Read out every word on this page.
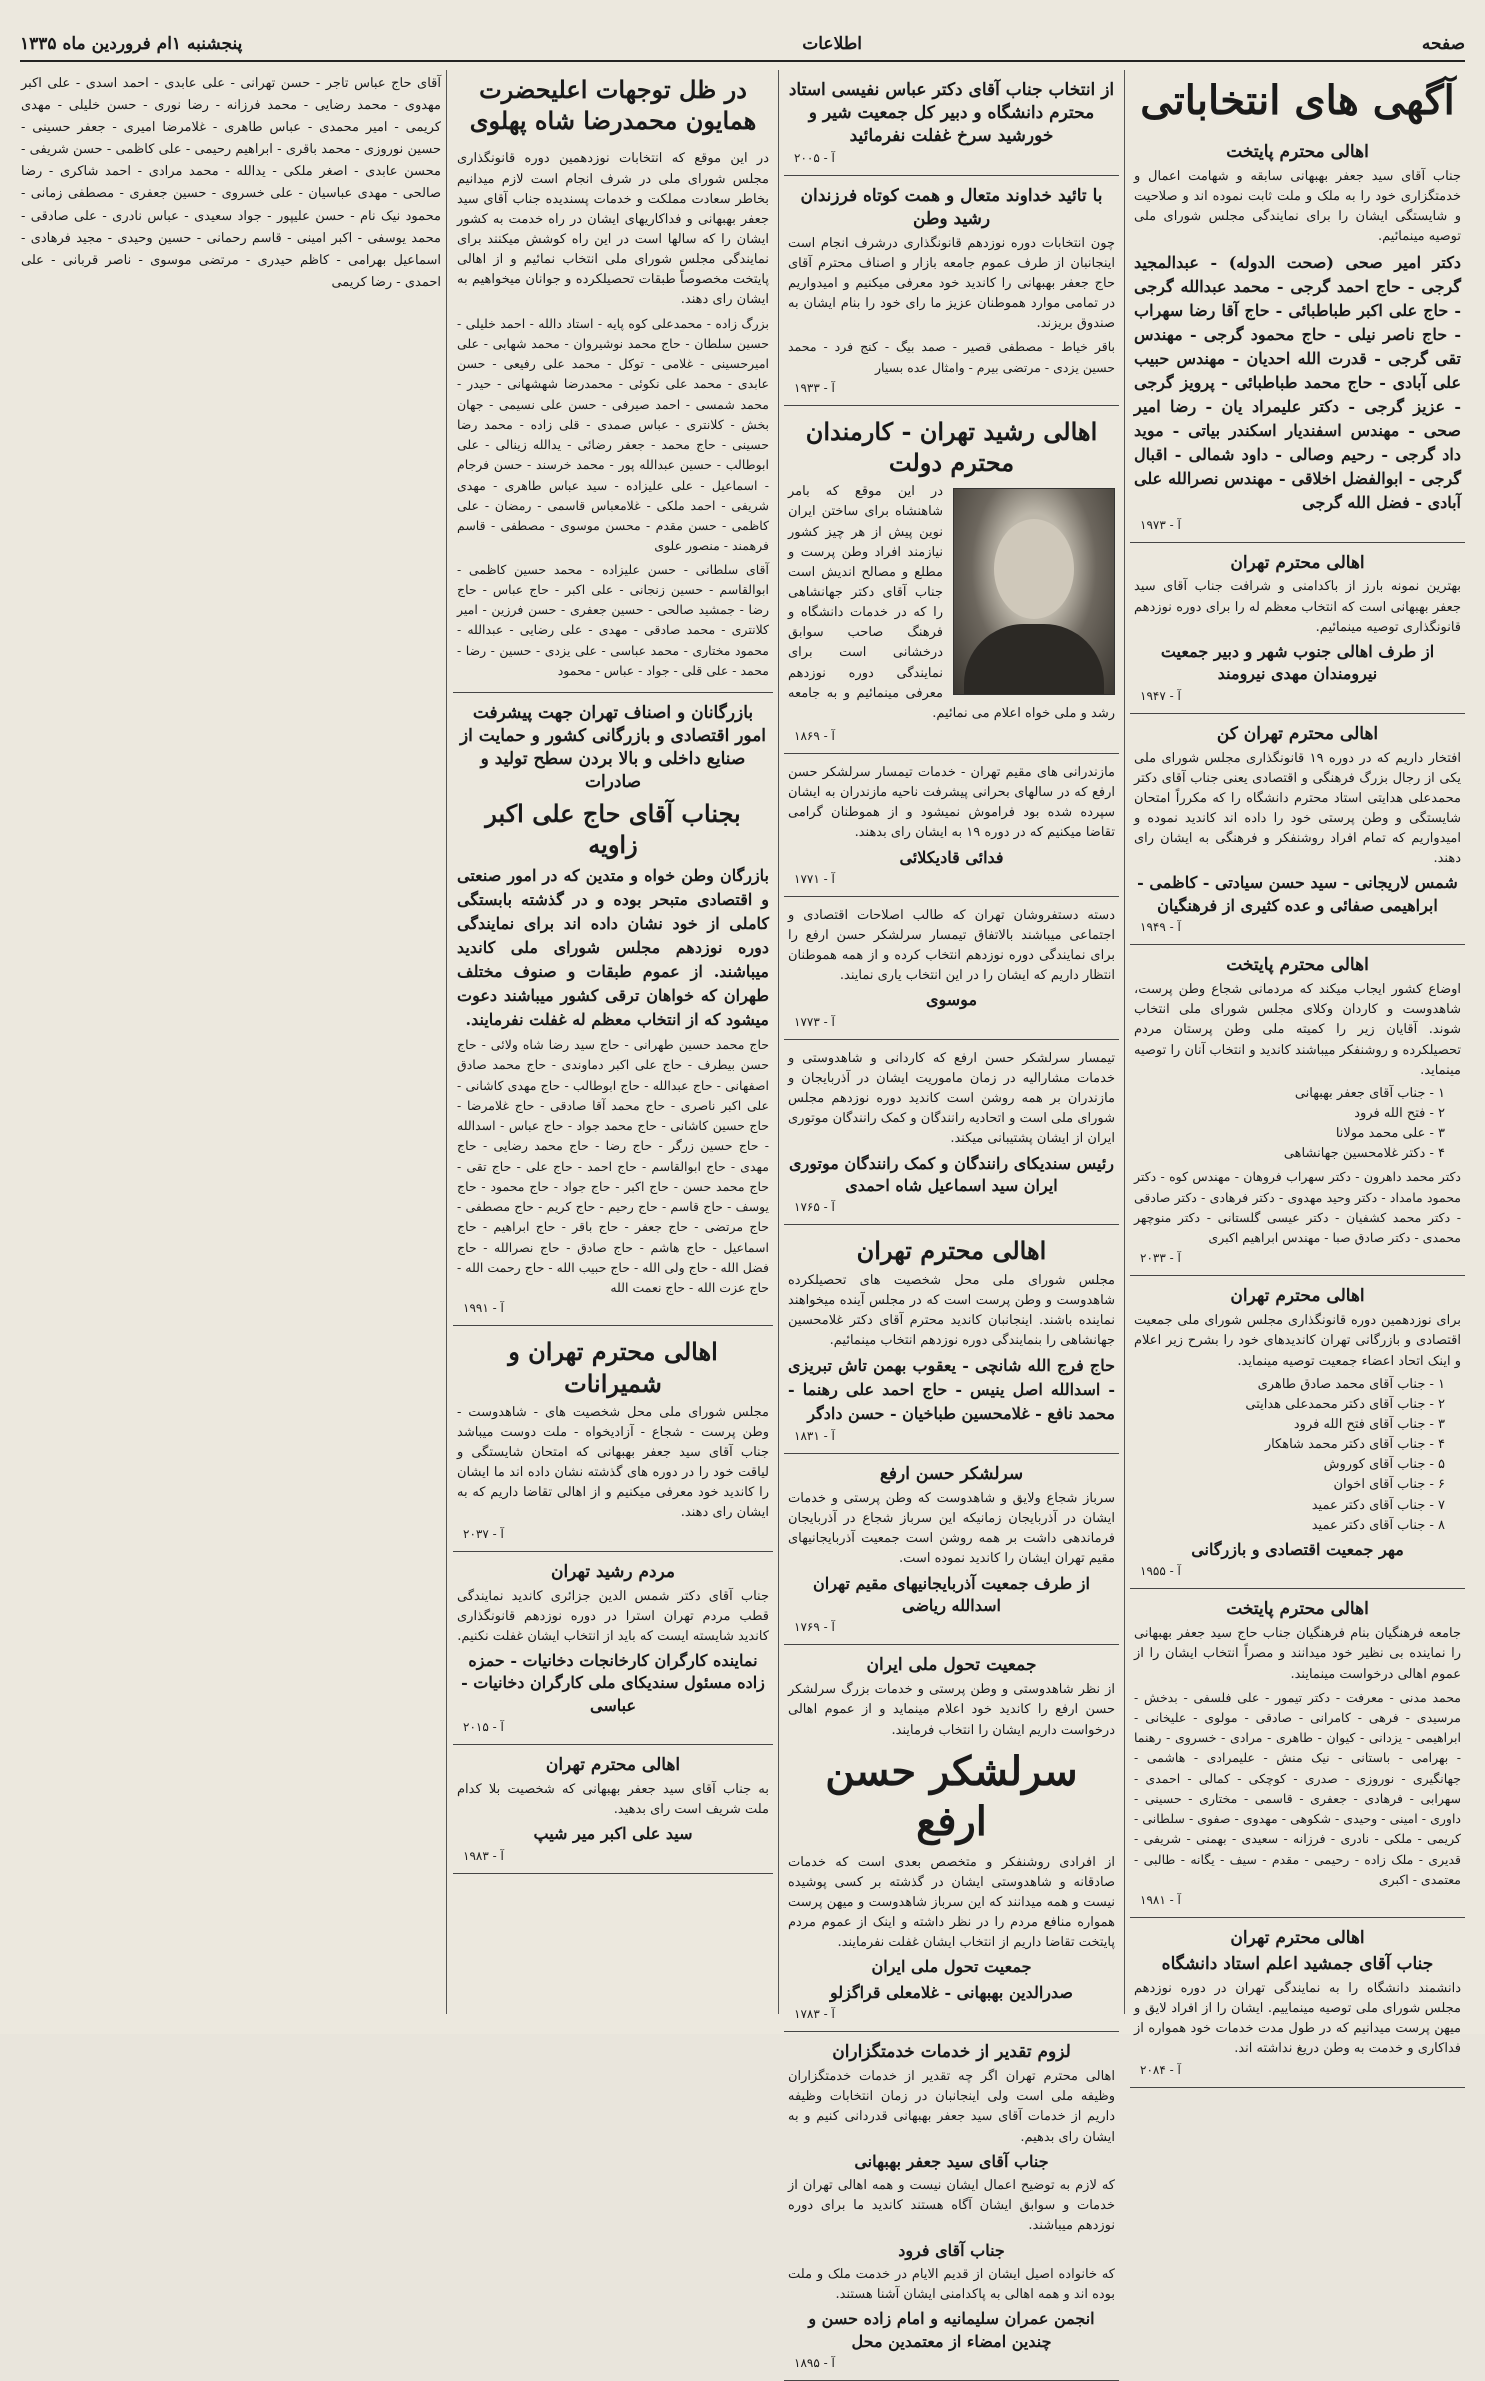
صفحه
اطلاعات
پنجشنبه ۱ام فروردین ماه ۱۳۳۵
آگهی های انتخاباتی
اهالی محترم پایتخت
جناب آقای سید جعفر بهبهانی سابقه و شهامت اعمال و خدمتگزاری خود را به ملک و ملت ثابت نموده اند و صلاحیت و شایستگی ایشان را برای نمایندگی مجلس شورای ملی توصیه مینمائیم.
دکتر امیر صحی (صحت الدوله) - عبدالمجید گرجی - حاج احمد گرجی - محمد عبدالله گرجی - حاج علی اکبر طباطبائی - حاج آقا رضا سهراب - حاج ناصر نیلی - حاج محمود گرجی - مهندس تقی گرجی - قدرت الله احدیان - مهندس حبیب علی آبادی - حاج محمد طباطبائی - پرویز گرجی - عزیز گرجی - دکتر علیمراد یان - رضا امیر صحی - مهندس اسفندیار اسکندر بیاتی - موید داد گرجی - رحیم وصالی - داود شمالی - اقبال گرجی - ابوالفضل اخلاقی - مهندس نصرالله علی آبادی - فضل الله گرجی
۱۹۷۳ - آ
اهالی محترم تهران
بهترین نمونه بارز از باکدامنی و شرافت جناب آقای سید جعفر بهبهانی است که انتخاب معظم له را برای دوره نوزدهم قانونگذاری توصیه مینمائیم.
از طرف اهالی جنوب شهر و دبیر جمعیت نیرومندان مهدی نیرومند
۱۹۴۷ - آ
اهالی محترم تهران کن
افتخار داریم که در دوره ۱۹ قانونگذاری مجلس شورای ملی یکی از رجال بزرگ فرهنگی و اقتصادی یعنی جناب آقای دکتر محمدعلی هدایتی استاد محترم دانشگاه را که مکرراً امتحان شایستگی و وطن پرستی خود را داده اند کاندید نموده و امیدواریم که تمام افراد روشنفکر و فرهنگی به ایشان رای دهند.
شمس لاریجانی - سید حسن سیادتی - کاظمی - ابراهیمی صفائی و عده کثیری از فرهنگیان
۱۹۴۹ - آ
اهالی محترم پایتخت
اوضاع کشور ایجاب میکند که مردمانی شجاع وطن پرست، شاهدوست و کاردان وکلای مجلس شورای ملی انتخاب شوند. آقایان زیر را کمیته ملی وطن پرستان مردم تحصیلکرده و روشنفکر میباشند کاندید و انتخاب آنان را توصیه مینماید.
۱ - جناب آقای جعفر بهبهانی
۲ - فتح الله فرود
۳ - علی محمد مولانا
۴ - دکتر غلامحسین جهانشاهی
دکتر محمد داهرون - دکتر سهراب فروهان - مهندس کوه - دکتر محمود مامداد - دکتر وحید مهدوی - دکتر فرهادی - دکتر صادقی - دکتر محمد کشفیان - دکتر عیسی گلستانی - دکتر منوچهر محمدی - دکتر صادق صبا - مهندس ابراهیم اکبری
۲۰۳۳ - آ
اهالی محترم تهران
برای نوزدهمین دوره قانونگذاری مجلس شورای ملی جمعیت اقتصادی و بازرگانی تهران کاندیدهای خود را بشرح زیر اعلام و اینک اتحاد اعضاء جمعیت توصیه مینماید.
۱ - جناب آقای محمد صادق طاهری
۲ - جناب آقای دکتر محمدعلی هدایتی
۳ - جناب آقای فتح الله فرود
۴ - جناب آقای دکتر محمد شاهکار
۵ - جناب آقای کوروش
۶ - جناب آقای اخوان
۷ - جناب آقای دکتر عمید
۸ - جناب آقای دکتر عمید
مهر جمعیت اقتصادی و بازرگانی
۱۹۵۵ - آ
اهالی محترم پایتخت
جامعه فرهنگیان بنام فرهنگیان جناب حاج سید جعفر بهبهانی را نماینده بی نظیر خود میدانند و مصراً انتخاب ایشان را از عموم اهالی درخواست مینمایند.
محمد مدنی - معرفت - دکتر تیمور - علی فلسفی - بدخش - مرسیدی - فرهی - کامرانی - صادقی - مولوی - علیخانی - ابراهیمی - یزدانی - کیوان - طاهری - مرادی - خسروی - رهنما - بهرامی - باستانی - نیک منش - علیمرادی - هاشمی - جهانگیری - نوروزی - صدری - کوچکی - کمالی - احمدی - سهرابی - فرهادی - جعفری - قاسمی - مختاری - حسینی - داوری - امینی - وحیدی - شکوهی - مهدوی - صفوی - سلطانی - کریمی - ملکی - نادری - فرزانه - سعیدی - بهمنی - شریفی - قدیری - ملک زاده - رحیمی - مقدم - سیف - یگانه - طالبی - معتمدی - اکبری
۱۹۸۱ - آ
اهالی محترم تهران
جناب آقای جمشید اعلم استاد دانشگاه
دانشمند دانشگاه را به نمایندگی تهران در دوره نوزدهم مجلس شورای ملی توصیه مینماییم. ایشان را از افراد لایق و میهن پرست میدانیم که در طول مدت خدمات خود همواره از فداکاری و خدمت به وطن دریغ نداشته اند.
۲۰۸۴ - آ
از انتخاب جناب آقای دکتر عباس نفیسی استاد محترم دانشگاه و دبیر کل جمعیت شیر و خورشید سرخ غفلت نفرمائید
۲۰۰۵ - آ
با تائید خداوند متعال و همت کوتاه فرزندان رشید وطن
چون انتخابات دوره نوزدهم قانونگذاری درشرف انجام است اینجانبان از طرف عموم جامعه بازار و اصناف محترم آقای حاج جعفر بهبهانی را کاندید خود معرفی میکنیم و امیدواریم در تمامی موارد هموطنان عزیز ما رای خود را بنام ایشان به صندوق بریزند.
باقر خیاط - مصطفی قصیر - صمد بیگ - کنج فرد - محمد حسین یزدی - مرتضی بیرم - وامثال عده بسیار
۱۹۳۳ - آ
اهالی رشید تهران - کارمندان محترم دولت
در این موقع که بامر شاهنشاه برای ساختن ایران نوین پیش از هر چیز کشور نیازمند افراد وطن پرست و مطلع و مصالح اندیش است جناب آقای دکتر جهانشاهی را که در خدمات دانشگاه و فرهنگ صاحب سوابق درخشانی است برای نمایندگی دوره نوزدهم معرفی مینمائیم و به جامعه رشد و ملی خواه اعلام می نمائیم.
۱۸۶۹ - آ
مازندرانی های مقیم تهران - خدمات تیمسار سرلشکر حسن ارفع که در سالهای بحرانی پیشرفت ناحیه مازندران به ایشان سپرده شده بود فراموش نمیشود و از هموطنان گرامی تقاضا میکنیم که در دوره ۱۹ به ایشان رای بدهند.
فدائی قادیکلائی
۱۷۷۱ - آ
دسته دستفروشان تهران که طالب اصلاحات اقتصادی و اجتماعی میباشند بالاتفاق تیمسار سرلشکر حسن ارفع را برای نمایندگی دوره نوزدهم انتخاب کرده و از همه هموطنان انتظار داریم که ایشان را در این انتخاب یاری نمایند.
موسوی
۱۷۷۳ - آ
تیمسار سرلشکر حسن ارفع که کاردانی و شاهدوستی و خدمات مشارالیه در زمان ماموریت ایشان در آذربایجان و مازندران بر همه روشن است کاندید دوره نوزدهم مجلس شورای ملی است و اتحادیه رانندگان و کمک رانندگان موتوری ایران از ایشان پشتیبانی میکند.
رئیس سندیکای رانندگان و کمک رانندگان موتوری ایران سید اسماعیل شاه احمدی
۱۷۶۵ - آ
اهالی محترم تهران
مجلس شورای ملی محل شخصیت های تحصیلکرده شاهدوست و وطن پرست است که در مجلس آینده میخواهند نماینده باشند. اینجانبان کاندید محترم آقای دکتر غلامحسین جهانشاهی را بنمایندگی دوره نوزدهم انتخاب مینمائیم.
حاج فرج الله شانچی - یعقوب بهمن تاش تبریزی - اسدالله اصل ینیس - حاج احمد علی رهنما - محمد نافع - غلامحسین طباخیان - حسن دادگر
۱۸۳۱ - آ
سرلشکر حسن ارفع
سرباز شجاع ولایق و شاهدوست که وطن پرستی و خدمات ایشان در آذربایجان زمانیکه این سرباز شجاع در آذربایجان فرماندهی داشت بر همه روشن است جمعیت آذربایجانیهای مقیم تهران ایشان را کاندید نموده است.
از طرف جمعیت آذربایجانیهای مقیم تهران اسدالله ریاضی
۱۷۶۹ - آ
جمعیت تحول ملی ایران
از نظر شاهدوستی و وطن پرستی و خدمات بزرگ سرلشکر حسن ارفع را کاندید خود اعلام مینماید و از عموم اهالی درخواست داریم ایشان را انتخاب فرمایند.
سرلشکر حسن ارفع
از افرادی روشنفکر و متخصص بعدی است که خدمات صادقانه و شاهدوستی ایشان در گذشته بر کسی پوشیده نیست و همه میدانند که این سرباز شاهدوست و میهن پرست همواره منافع مردم را در نظر داشته و اینک از عموم مردم پایتخت تقاضا داریم از انتخاب ایشان غفلت نفرمایند.
جمعیت تحول ملی ایران
صدرالدین بهبهانی - غلامعلی قراگزلو
۱۷۸۳ - آ
لزوم تقدیر از خدمات خدمتگزاران
اهالی محترم تهران اگر چه تقدیر از خدمات خدمتگزاران وظیفه ملی است ولی اینجانبان در زمان انتخابات وظیفه داریم از خدمات آقای سید جعفر بهبهانی قدردانی کنیم و به ایشان رای بدهیم.
جناب آقای سید جعفر بهبهانی
که لازم به توضیح اعمال ایشان نیست و همه اهالی تهران از خدمات و سوابق ایشان آگاه هستند کاندید ما برای دوره نوزدهم میباشند.
جناب آقای فرود
که خانواده اصیل ایشان از قدیم الایام در خدمت ملک و ملت بوده اند و همه اهالی به پاکدامنی ایشان آشنا هستند.
انجمن عمران سلیمانیه و امام زاده حسن و چندین امضاء از معتمدین محل
۱۸۹۵ - آ
در ظل توجهات اعلیحضرت همایون محمدرضا شاه پهلوی
در این موقع که انتخابات نوزدهمین دوره قانونگذاری مجلس شورای ملی در شرف انجام است لازم میدانیم بخاطر سعادت مملکت و خدمات پسندیده جناب آقای سید جعفر بهبهانی و فداکاریهای ایشان در راه خدمت به کشور ایشان را که سالها است در این راه کوشش میکنند برای نمایندگی مجلس شورای ملی انتخاب نمائیم و از اهالی پایتخت مخصوصاً طبقات تحصیلکرده و جوانان میخواهیم به ایشان رای دهند.
بزرگ زاده - محمدعلی کوه پایه - استاد دالله - احمد خلیلی - حسین سلطان - حاج محمد نوشیروان - محمد شهابی - علی امیرحسینی - غلامی - توکل - محمد علی رفیعی - حسن عابدی - محمد علی نکوئی - محمدرضا شهشهانی - حیدر - محمد شمسی - احمد صیرفی - حسن علی نسیمی - جهان بخش - کلانتری - عباس صمدی - قلی زاده - محمد رضا حسینی - حاج محمد - جعفر رضائی - یدالله زینالی - علی ابوطالب - حسین عبدالله پور - محمد خرسند - حسن فرجام - اسماعیل - علی علیزاده - سید عباس طاهری - مهدی شریفی - احمد ملکی - غلامعباس قاسمی - رمضان - علی کاظمی - حسن مقدم - محسن موسوی - مصطفی - قاسم فرهمند - منصور علوی
آقای سلطانی - حسن علیزاده - محمد حسین کاظمی - ابوالقاسم - حسین زنجانی - علی اکبر - حاج عباس - حاج رضا - جمشید صالحی - حسین جعفری - حسن فرزین - امیر کلانتری - محمد صادقی - مهدی - علی رضایی - عبدالله - محمود مختاری - محمد عباسی - علی یزدی - حسین - رضا - محمد - علی قلی - جواد - عباس - محمود
بازرگانان و اصناف تهران جهت پیشرفت امور اقتصادی و بازرگانی کشور و حمایت از صنایع داخلی و بالا بردن سطح تولید و صادرات
بجناب آقای حاج علی اکبر زاویه
بازرگان وطن خواه و متدین که در امور صنعتی و اقتصادی متبحر بوده و در گذشته بابستگی کاملی از خود نشان داده اند برای نمایندگی دوره نوزدهم مجلس شورای ملی کاندید میباشند. از عموم طبقات و صنوف مختلف طهران که خواهان ترقی کشور میباشند دعوت میشود که از انتخاب معظم له غفلت نفرمایند.
حاج محمد حسین طهرانی - حاج سید رضا شاه ولائی - حاج حسن بیطرف - حاج علی اکبر دماوندی - حاج محمد صادق اصفهانی - حاج عبدالله - حاج ابوطالب - حاج مهدی کاشانی - علی اکبر ناصری - حاج محمد آقا صادقی - حاج غلامرضا - حاج حسین کاشانی - حاج محمد جواد - حاج عباس - اسدالله - حاج حسین زرگر - حاج رضا - حاج محمد رضایی - حاج مهدی - حاج ابوالقاسم - حاج احمد - حاج علی - حاج تقی - حاج محمد حسن - حاج اکبر - حاج جواد - حاج محمود - حاج یوسف - حاج قاسم - حاج رحیم - حاج کریم - حاج مصطفی - حاج مرتضی - حاج جعفر - حاج باقر - حاج ابراهیم - حاج اسماعیل - حاج هاشم - حاج صادق - حاج نصرالله - حاج فضل الله - حاج ولی الله - حاج حبیب الله - حاج رحمت الله - حاج عزت الله - حاج نعمت الله
۱۹۹۱ - آ
اهالی محترم تهران و شمیرانات
مجلس شورای ملی محل شخصیت های - شاهدوست - وطن پرست - شجاع - آزادیخواه - ملت دوست میباشد جناب آقای سید جعفر بهبهانی که امتحان شایستگی و لیاقت خود را در دوره های گذشته نشان داده اند ما ایشان را کاندید خود معرفی میکنیم و از اهالی تقاضا داریم که به ایشان رای دهند.
۲۰۳۷ - آ
مردم رشید تهران
جناب آقای دکتر شمس الدین جزائری کاندید نمایندگی قطب مردم تهران استرا در دوره نوزدهم قانونگذاری کاندید شایسته ایست که باید از انتخاب ایشان غفلت نکنیم.
نماینده کارگران کارخانجات دخانیات - حمزه زاده مسئول سندیکای ملی کارگران دخانیات - عباسی
۲۰۱۵ - آ
اهالی محترم تهران
به جناب آقای سید جعفر بهبهانی که شخصیت بلا کدام ملت شریف است رای بدهید.
سید علی اکبر میر شیپ
۱۹۸۳ - آ
آقای حاج عباس تاجر - حسن تهرانی - علی عابدی - احمد اسدی - علی اکبر مهدوی - محمد رضایی - محمد فرزانه - رضا نوری - حسن خلیلی - مهدی کریمی - امیر محمدی - عباس طاهری - غلامرضا امیری - جعفر حسینی - حسین نوروزی - محمد باقری - ابراهیم رحیمی - علی کاظمی - حسن شریفی - محسن عابدی - اصغر ملکی - یدالله - محمد مرادی - احمد شاکری - رضا صالحی - مهدی عباسیان - علی خسروی - حسین جعفری - مصطفی زمانی - محمود نیک نام - حسن علیپور - جواد سعیدی - عباس نادری - علی صادقی - محمد یوسفی - اکبر امینی - قاسم رحمانی - حسین وحیدی - مجید فرهادی - اسماعیل بهرامی - کاظم حیدری - مرتضی موسوی - ناصر قربانی - علی احمدی - رضا کریمی
